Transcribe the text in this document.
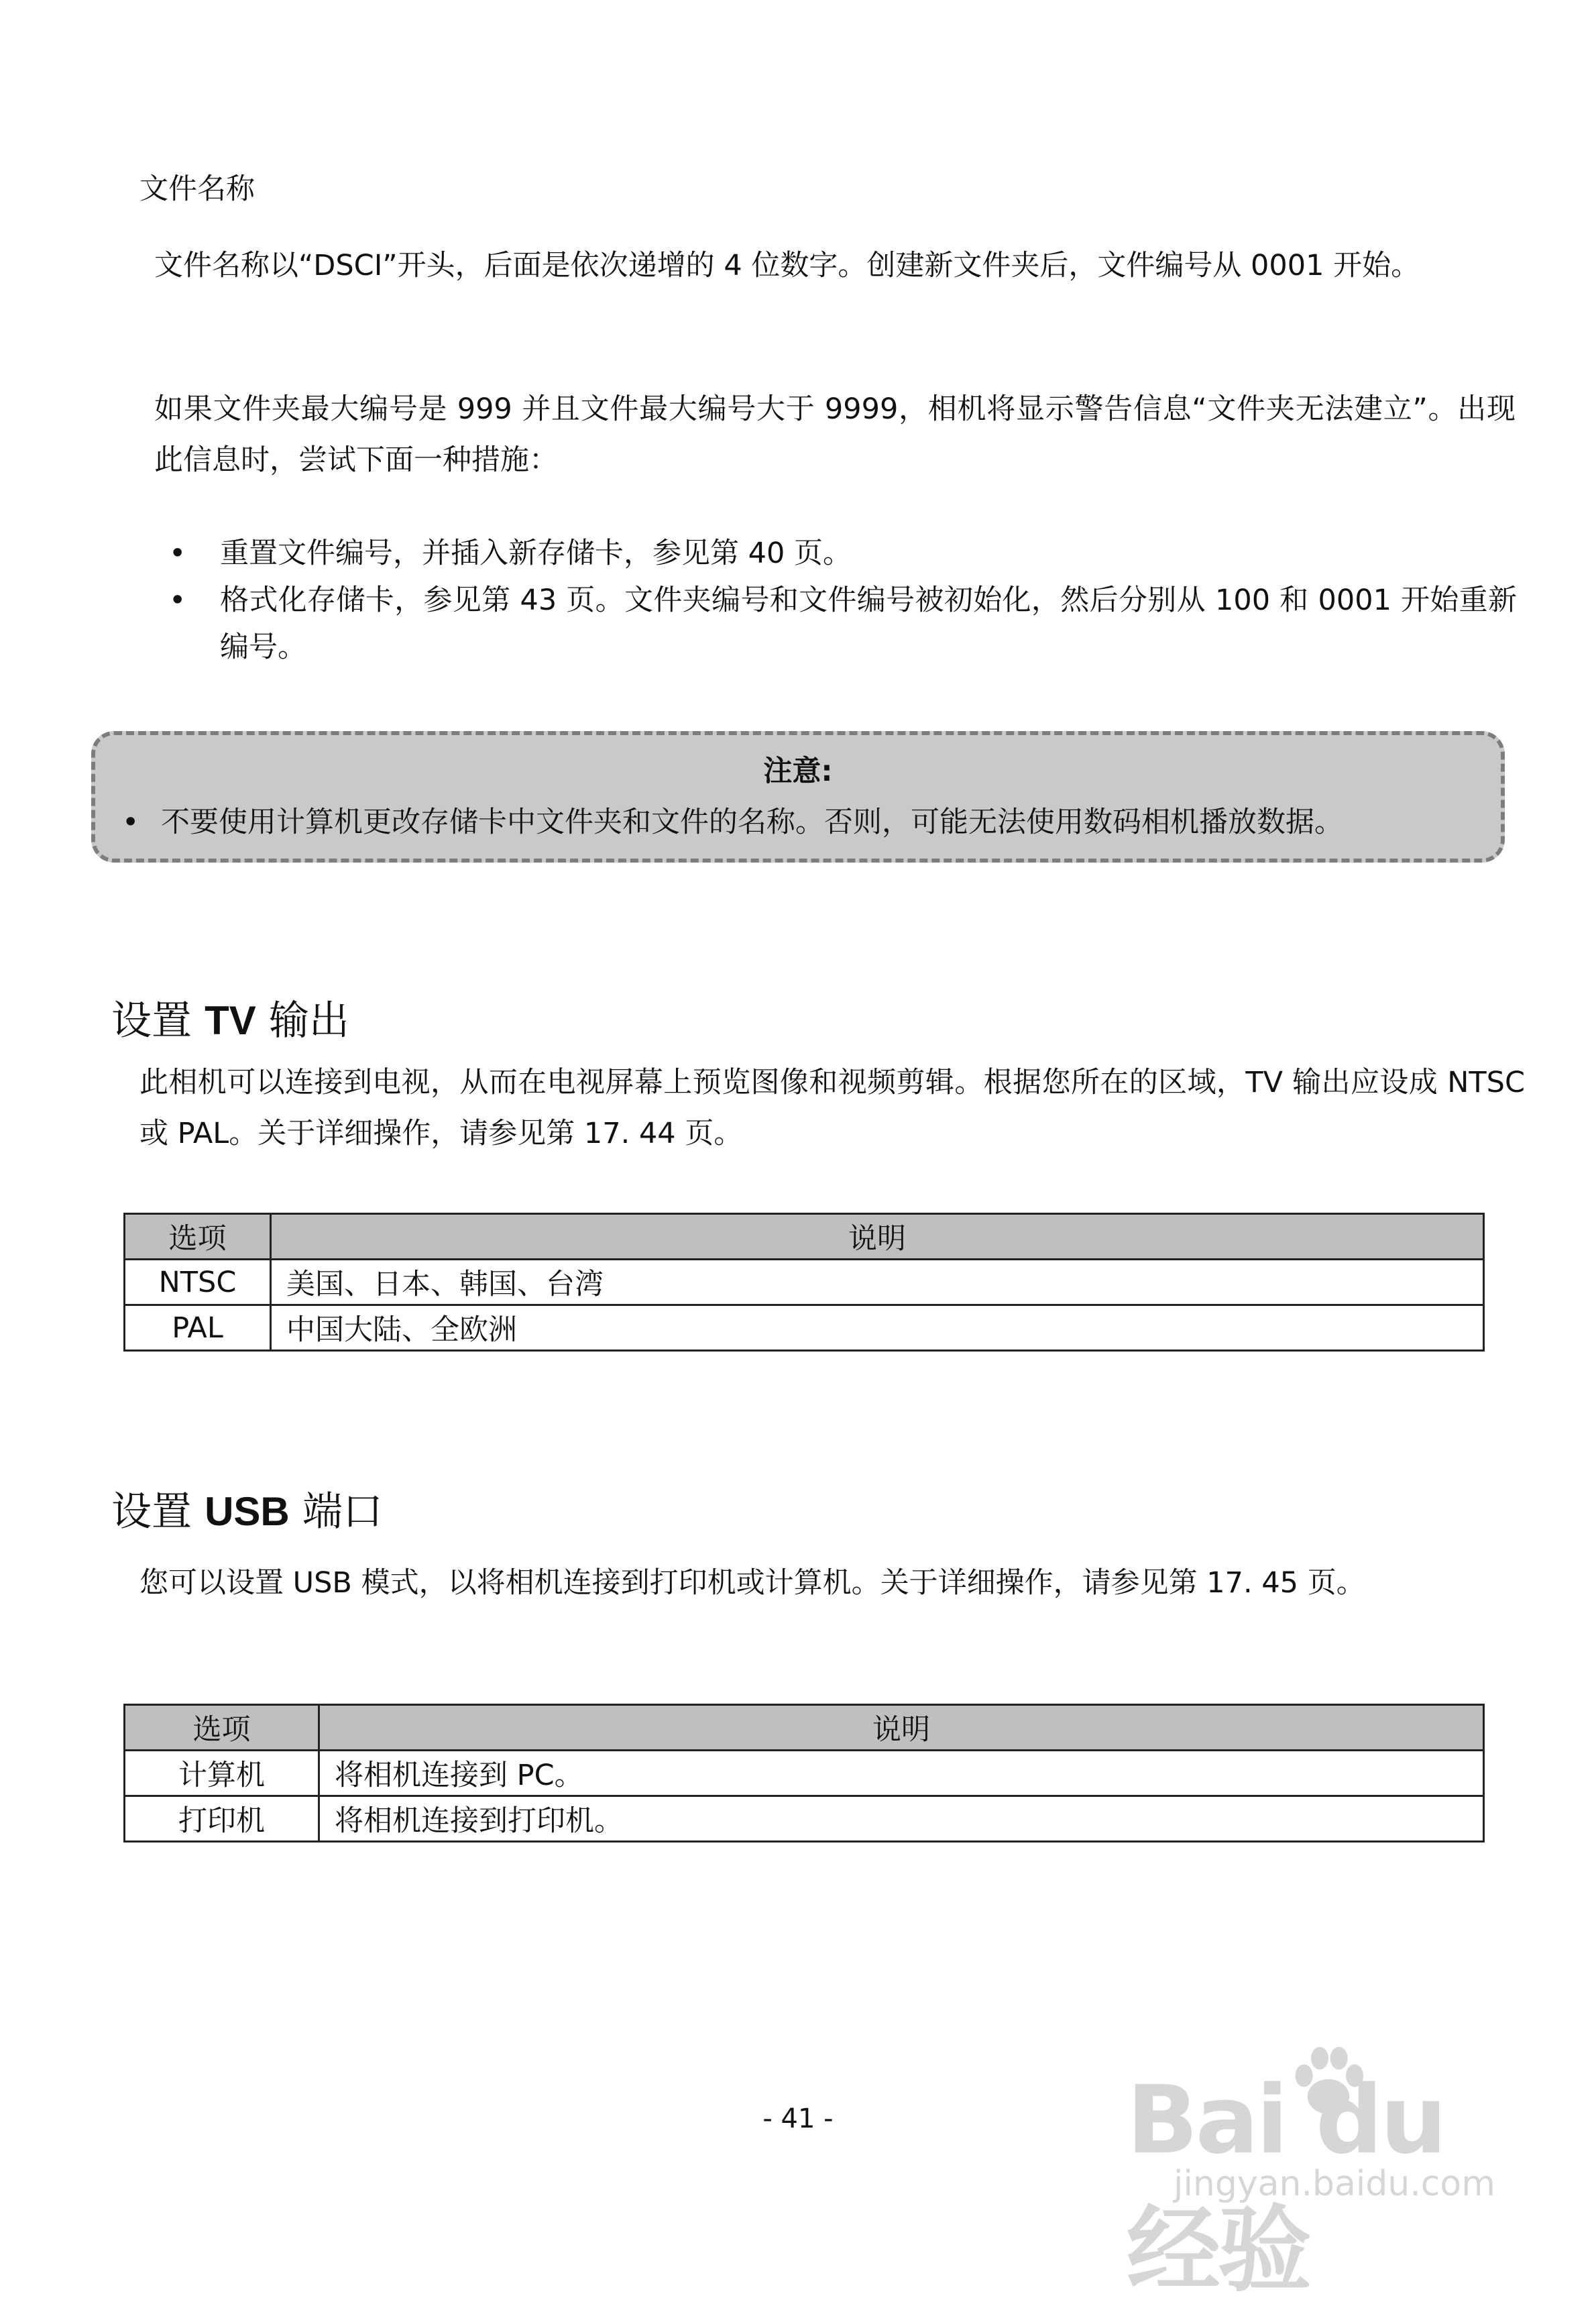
文件名称
文件名称以“DSCI”开头，后面是依次递增的 4 位数字。创建新文件夹后，文件编号从 0001 开始。
如果文件夹最大编号是 999 并且文件最大编号大于 9999，相机将显示警告信息“文件夹无法建立”。出现此信息时，尝试下面一种措施：
• 重置文件编号，并插入新存储卡，参见第 40 页。
• 格式化存储卡，参见第 43 页。文件夹编号和文件编号被初始化，然后分别从 100 和 0001 开始重新编号。
注意:
• 不要使用计算机更改存储卡中文件夹和文件的名称。否则，可能无法使用数码相机播放数据。
设置 TV 输出
此相机可以连接到电视，从而在电视屏幕上预览图像和视频剪辑。根据您所在的区域，TV 输出应设成 NTSC 或 PAL。关于详细操作，请参见第 17. 44 页。
选项	说明
NTSC	美国、日本、韩国、台湾
PAL	中国大陆、全欧洲
设置 USB 端口
您可以设置 USB 模式，以将相机连接到打印机或计算机。关于详细操作，请参见第 17. 45 页。
选项	说明
计算机	将相机连接到 PC。
打印机	将相机连接到打印机。
- 41 -	Bai du 经验
jingyan.baidu.com
